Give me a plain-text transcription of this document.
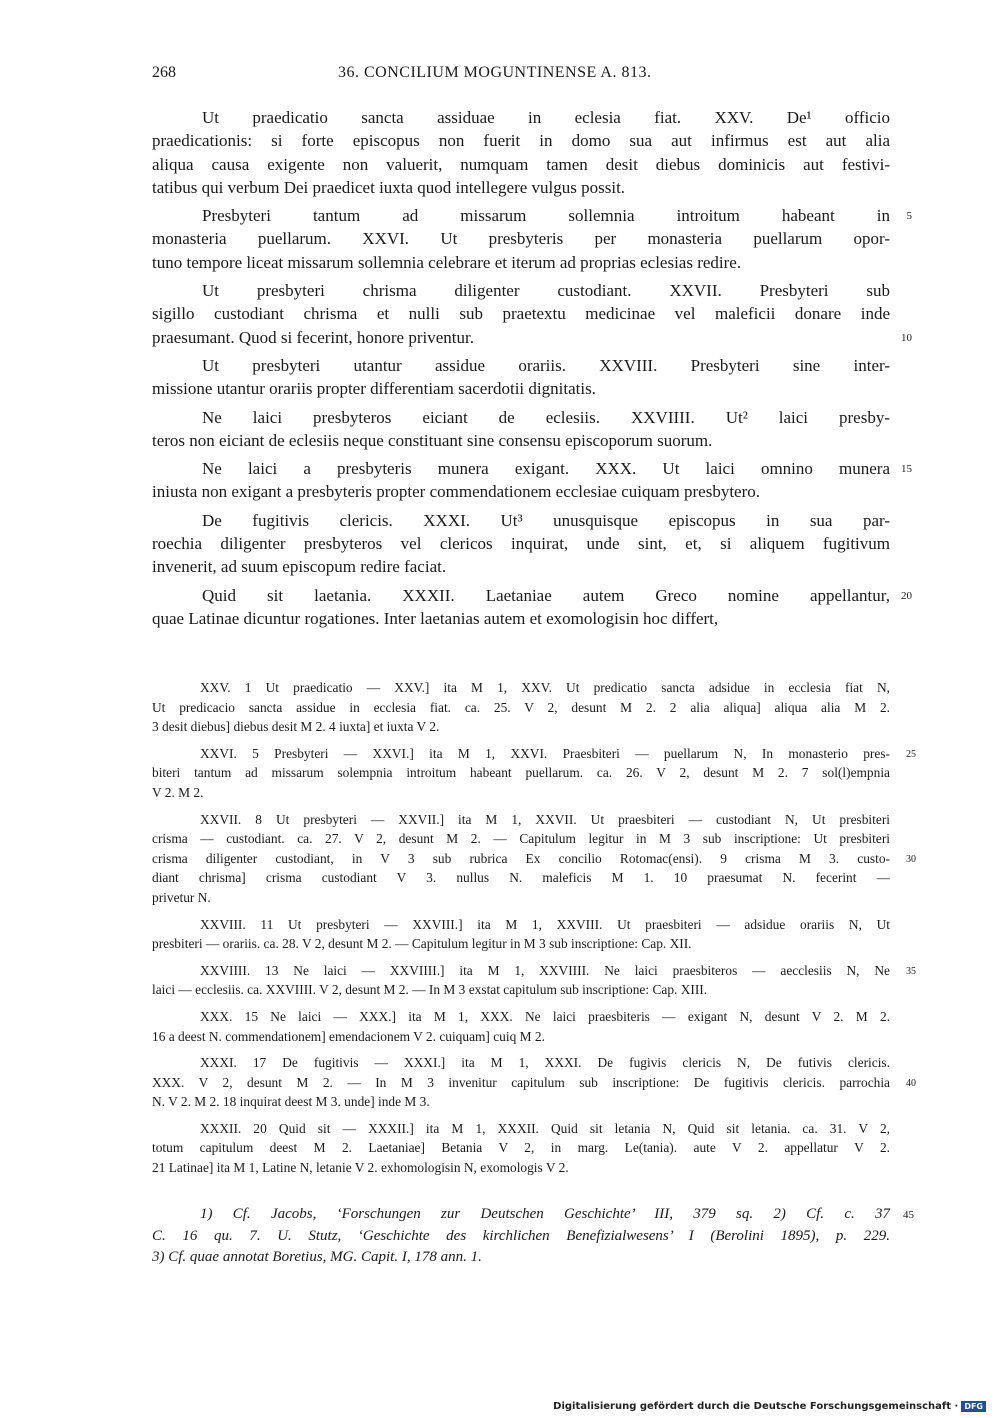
268	36. CONCILIUM MOGUNTINENSE A. 813.
Ut praedicatio sancta assiduae in eclesia fiat. XXV. De¹ officio
praedicationis: si forte episcopus non fuerit in domo sua aut infirmus est aut alia
aliqua causa exigente non valuerit, numquam tamen desit diebus dominicis aut festivi-
tatibus qui verbum Dei praedicet iuxta quod intellegere vulgus possit.
Presbyteri tantum ad missarum sollemnia introitum habeant in 5
monasteria puellarum. XXVI. Ut presbyteris per monasteria puellarum opor-
tuno tempore liceat missarum sollemnia celebrare et iterum ad proprias eclesias redire.
Ut presbyteri chrisma diligenter custodiant. XXVII. Presbyteri sub
sigillo custodiant chrisma et nulli sub praetextu medicinae vel maleficii donare inde
praesumant. Quod si fecerint, honore priventur.	10
Ut presbyteri utantur assidue orariis. XXVIII. Presbyteri sine inter-
missione utantur orariis propter differentiam sacerdotii dignitatis.
Ne laici presbyteros eiciant de eclesiis. XXVIIII. Ut² laici presby-
teros non eiciant de eclesiis neque constituant sine consensu episcoporum suorum.
Ne laici a presbyteris munera exigant. XXX. Ut laici omnino munera 15
iniusta non exigant a presbyteris propter commendationem ecclesiae cuiquam presbytero.
De fugitivis clericis. XXXI. Ut³ unusquisque episcopus in sua par-
roechia diligenter presbyteros vel clericos inquirat, unde sint, et, si aliquem fugitivum
invenerit, ad suum episcopum redire faciat.
Quid sit laetania. XXXII. Laetaniae autem Greco nomine appellantur, 20
quae Latinae dicuntur rogationes. Inter laetanias autem et exomologisin hoc differt,
XXV. 1 Ut praedicatio — XXV.] ita M 1, XXV. Ut predicatio sancta adsidue in ecclesia fiat N,
Ut predicacio sancta assidue in ecclesia fiat. ca. 25. V 2, desunt M 2. 2 alia aliqua] aliqua alia M 2.
3 desit diebus] diebus desit M 2. 4 iuxta] et iuxta V 2.
XXVI. 5 Presbyteri — XXVI.] ita M 1, XXVI. Praesbiteri — puellarum N, In monasterio pres- 25
biteri tantum ad missarum solempnia introitum habeant puellarum. ca. 26. V 2, desunt M 2. 7 sol(l)empnia
V 2. M 2.
XXVII. 8 Ut presbyteri — XXVII.] ita M 1, XXVII. Ut praesbiteri — custodiant N, Ut presbiteri
crisma — custodiant. ca. 27. V 2, desunt M 2. — Capitulum legitur in M 3 sub inscriptione: Ut presbiteri
crisma diligenter custodiant, in V 3 sub rubrica Ex concilio Rotomac(ensi). 9 crisma M 3. custo- 30
diant chrisma] crisma custodiant V 3. nullus N. maleficis M 1. 10 praesumat N. fecerint —
privetur N.
XXVIII. 11 Ut presbyteri — XXVIII.] ita M 1, XXVIII. Ut praesbiteri — adsidue orariis N, Ut
presbiteri — orariis. ca. 28. V 2, desunt M 2. — Capitulum legitur in M 3 sub inscriptione: Cap. XII.
XXVIIII. 13 Ne laici — XXVIIII.] ita M 1, XXVIIII. Ne laici praesbiteros — aecclesiis N, Ne 35
laici — ecclesiis. ca. XXVIIII. V 2, desunt M 2. — In M 3 exstat capitulum sub inscriptione: Cap. XIII.
XXX. 15 Ne laici — XXX.] ita M 1, XXX. Ne laici praesbiteris — exigant N, desunt V 2. M 2.
16 a deest N. commendationem] emendacionem V 2. cuiquam] cuiq M 2.
XXXI. 17 De fugitivis — XXXI.] ita M 1, XXXI. De fugivis clericis N, De futivis clericis.
XXX. V 2, desunt M 2. — In M 3 invenitur capitulum sub inscriptione: De fugitivis clericis. parrochia 40
N. V 2. M 2. 18 inquirat deest M 3. unde] inde M 3.
XXXII. 20 Quid sit — XXXII.] ita M 1, XXXII. Quid sit letania N, Quid sit letania. ca. 31. V 2,
totum capitulum deest M 2. Laetaniae] Betania V 2, in marg. Le(tania). aute V 2. appellatur V 2.
21 Latinae] ita M 1, Latine N, letanie V 2. exhomologisin N, exomologis V 2.
1) Cf. Jacobs, ‘Forschungen zur Deutschen Geschichte’ III, 379 sq. 2) Cf. c. 37 45
C. 16 qu. 7. U. Stutz, ‘Geschichte des kirchlichen Benefizialwesens’ I (Berolini 1895), p. 229.
3) Cf. quae annotat Boretius, MG. Capit. I, 178 ann. 1.
Digitalisierung gefördert durch die Deutsche Forschungsgemeinschaft · DFG
